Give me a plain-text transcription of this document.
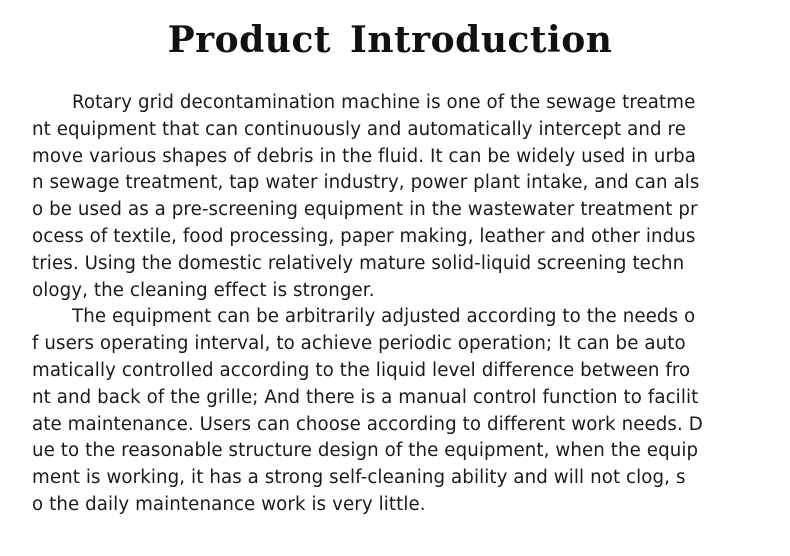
Product Introduction
Rotary grid decontamination machine is one of the sewage treatme
nt equipment that can continuously and automatically intercept and re
move various shapes of debris in the fluid. It can be widely used in urba
n sewage treatment, tap water industry, power plant intake, and can als
o be used as a pre-screening equipment in the wastewater treatment pr
ocess of textile, food processing, paper making, leather and other indus
tries. Using the domestic relatively mature solid-liquid screening techn
ology, the cleaning effect is stronger.
The equipment can be arbitrarily adjusted according to the needs o
f users operating interval, to achieve periodic operation; It can be auto
matically controlled according to the liquid level difference between fro
nt and back of the grille; And there is a manual control function to facilit
ate maintenance. Users can choose according to different work needs. D
ue to the reasonable structure design of the equipment, when the equip
ment is working, it has a strong self-cleaning ability and will not clog, s
o the daily maintenance work is very little.
